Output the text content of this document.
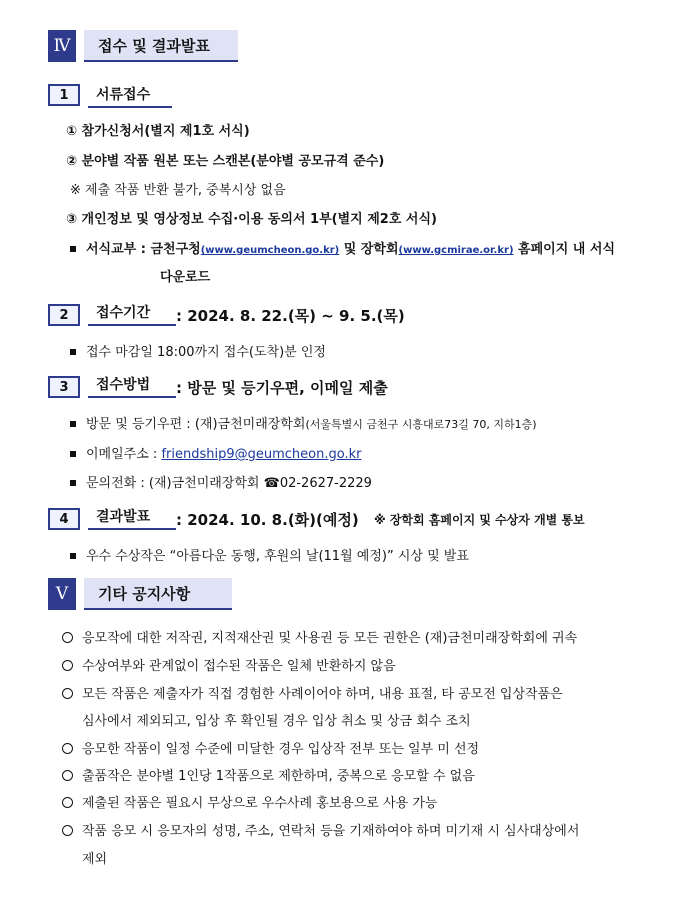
Ⅳ	접수 및 결과발표
1	서류접수
① 참가신청서(별지 제1호 서식)
② 분야별 작품 원본 또는 스캔본(분야별 공모규격 준수)
※ 제출 작품 반환 불가, 중복시상 없음
③ 개인정보 및 영상정보 수집·이용 동의서 1부(별지 제2호 서식)
서식교부 : 금천구청(www.geumcheon.go.kr) 및 장학회(www.gcmirae.or.kr) 홈페이지 내 서식
다운로드
2	접수기간	: 2024. 8. 22.(목) ~ 9. 5.(목)
접수 마감일 18:00까지 접수(도착)분 인정
3	접수방법	: 방문 및 등기우편, 이메일 제출
방문 및 등기우편 : (재)금천미래장학회(서울특별시 금천구 시흥대로73길 70, 지하1층)
이메일주소 : friendship9@geumcheon.go.kr
문의전화 : (재)금천미래장학회 ☎02-2627-2229
4	결과발표	: 2024. 10. 8.(화)(예정) ※ 장학회 홈페이지 및 수상자 개별 통보
우수 수상작은 “아름다운 동행, 후원의 날(11월 예정)” 시상 및 발표
Ⅴ	기타 공지사항
응모작에 대한 저작권, 지적재산권 및 사용권 등 모든 권한은 (재)금천미래장학회에 귀속
수상여부와 관계없이 접수된 작품은 일체 반환하지 않음
모든 작품은 제출자가 직접 경험한 사례이어야 하며, 내용 표절, 타 공모전 입상작품은
심사에서 제외되고, 입상 후 확인될 경우 입상 취소 및 상금 회수 조치
응모한 작품이 일정 수준에 미달한 경우 입상작 전부 또는 일부 미 선정
출품작은 분야별 1인당 1작품으로 제한하며, 중복으로 응모할 수 없음
제출된 작품은 필요시 무상으로 우수사례 홍보용으로 사용 가능
작품 응모 시 응모자의 성명, 주소, 연락처 등을 기재하여야 하며 미기재 시 심사대상에서
제외
